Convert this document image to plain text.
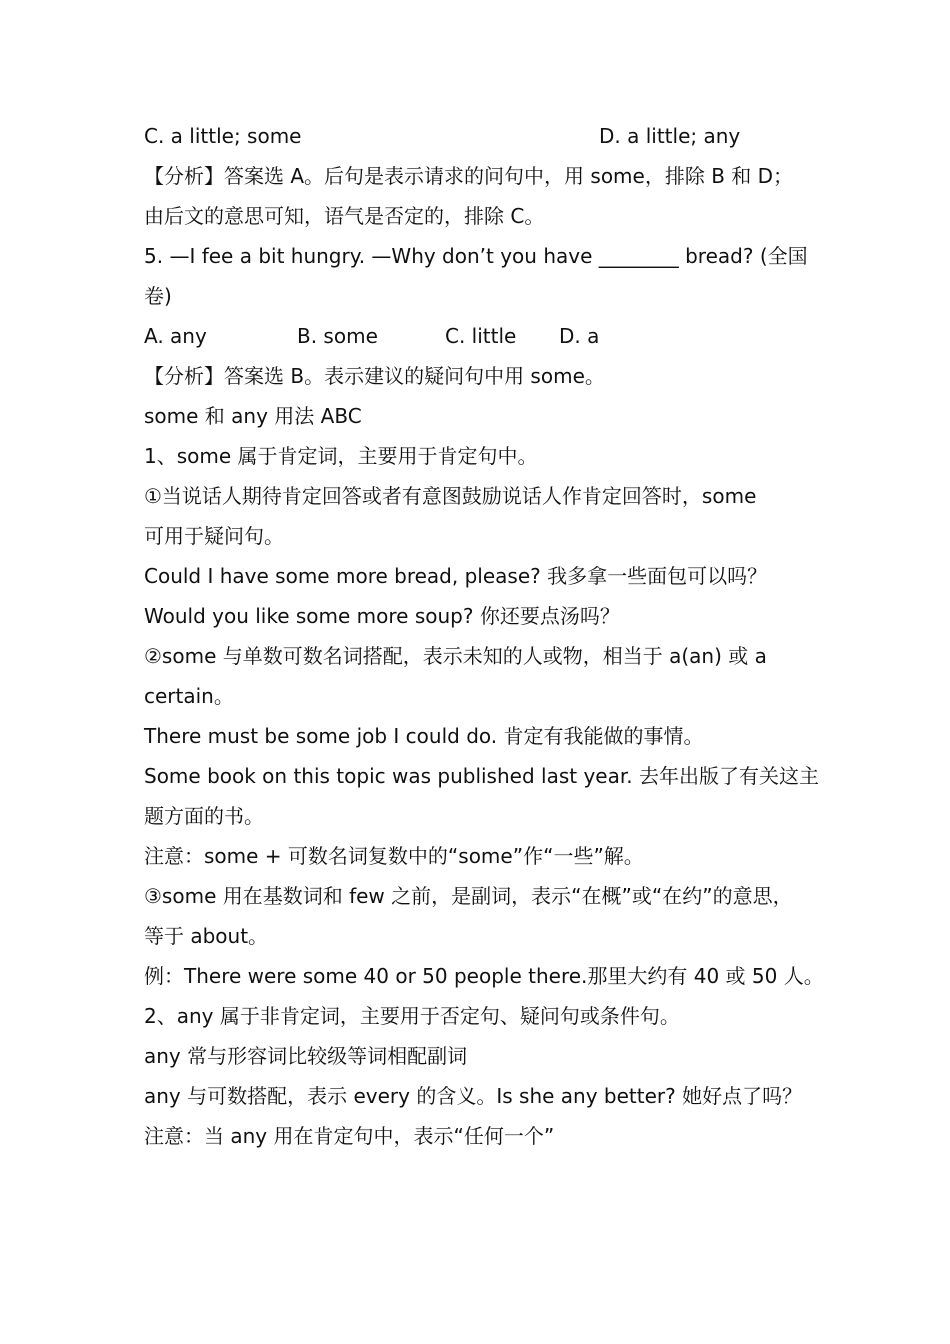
C. a little; some	D. a little; any
【分析】答案选 A。后句是表示请求的问句中，用 some，排除 B 和 D；
由后文的意思可知，语气是否定的，排除 C。
5. —I fee a bit hungry. —Why don’t you have ________ bread? (全国
卷)
A. any	B. some	C. little D. a
【分析】答案选 B。表示建议的疑问句中用 some。
some 和 any 用法 ABC
1、some 属于肯定词，主要用于肯定句中。
①当说话人期待肯定回答或者有意图鼓励说话人作肯定回答时，some
可用于疑问句。
Could I have some more bread, please? 我多拿一些面包可以吗？
Would you like some more soup? 你还要点汤吗？
②some 与单数可数名词搭配，表示未知的人或物，相当于 a(an) 或 a
certain。
There must be some job I could do. 肯定有我能做的事情。
Some book on this topic was published last year. 去年出版了有关这主
题方面的书。
注意：some + 可数名词复数中的“some”作“一些”解。
③some 用在基数词和 few 之前，是副词，表示“在概”或“在约”的意思，
等于 about。
例：There were some 40 or 50 people there.那里大约有 40 或 50 人。
2、any 属于非肯定词，主要用于否定句、疑问句或条件句。
any 常与形容词比较级等词相配副词
any 与可数搭配，表示 every 的含义。Is she any better? 她好点了吗？
注意：当 any 用在肯定句中，表示“任何一个”
